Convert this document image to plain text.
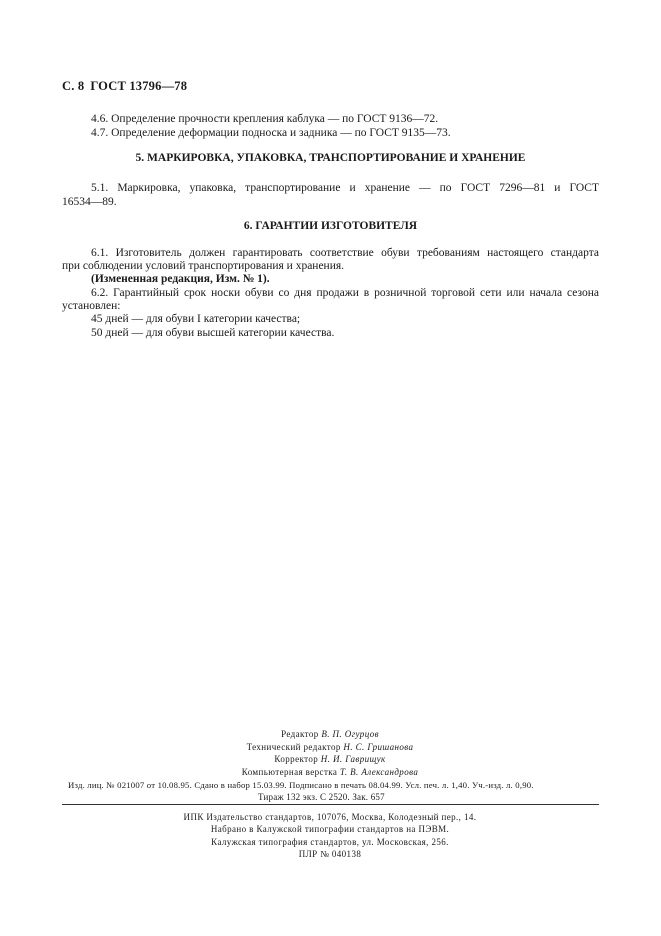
С. 8 ГОСТ 13796—78
4.6. Определение прочности крепления каблука — по ГОСТ 9136—72.
4.7. Определение деформации подноска и задника — по ГОСТ 9135—73.
5. МАРКИРОВКА, УПАКОВКА, ТРАНСПОРТИРОВАНИЕ И ХРАНЕНИЕ
5.1. Маркировка, упаковка, транспортирование и хранение — по ГОСТ 7296—81 и ГОСТ
16534—89.
6. ГАРАНТИИ ИЗГОТОВИТЕЛЯ
6.1. Изготовитель должен гарантировать соответствие обуви требованиям настоящего стандарта
при соблюдении условий транспортирования и хранения.
(Измененная редакция, Изм. № 1).
6.2. Гарантийный срок носки обуви со дня продажи в розничной торговой сети или начала сезона
установлен:
45 дней — для обуви I категории качества;
50 дней — для обуви высшей категории качества.
Редактор В. П. Огурцов
Технический редактор Н. С. Гришанова
Корректор Н. И. Гаврищук
Компьютерная верстка Т. В. Александрова
Изд. лиц. № 021007 от 10.08.95. Сдано в набор 15.03.99. Подписано в печать 08.04.99. Усл. печ. л. 1,40. Уч.-изд. л. 0,90.
Тираж 132 экз. С 2520. Зак. 657
ИПК Издательство стандартов, 107076, Москва, Колодезный пер., 14.
Набрано в Калужской типографии стандартов на ПЭВМ.
Калужская типография стандартов, ул. Московская, 256.
ПЛР № 040138
